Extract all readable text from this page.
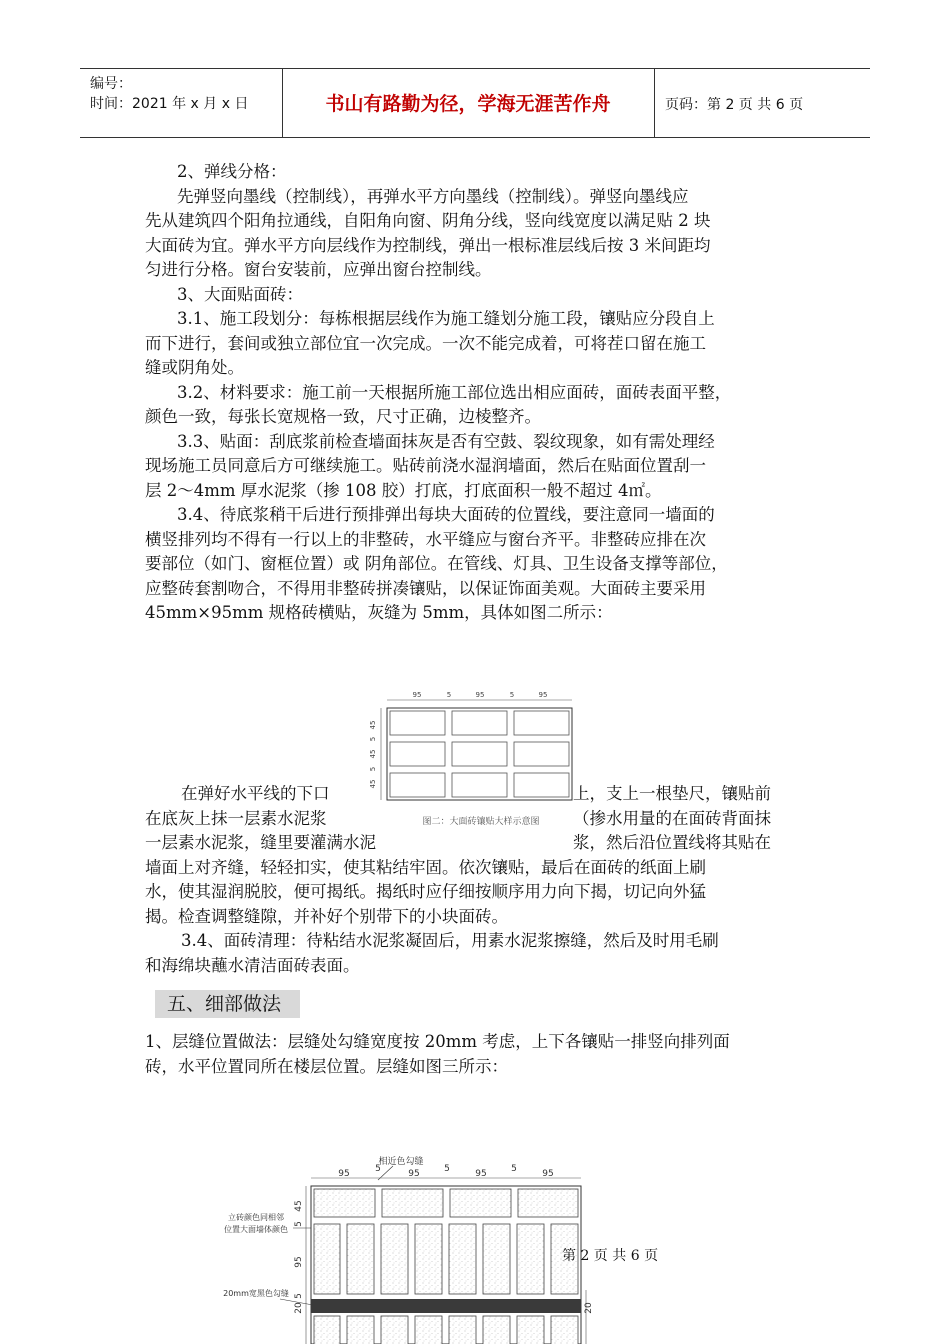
编号：
时间：2021 年 x 月 x 日	书山有路勤为径，学海无涯苦作舟	页码：第 2 页 共 6 页
2、弹线分格：
先弹竖向墨线（控制线），再弹水平方向墨线（控制线）。弹竖向墨线应
先从建筑四个阳角拉通线，自阳角向窗、阴角分线，竖向线宽度以满足贴 2 块
大面砖为宜。弹水平方向层线作为控制线，弹出一根标准层线后按 3 米间距均
匀进行分格。窗台安装前，应弹出窗台控制线。
3、大面贴面砖：
3.1、施工段划分：每栋根据层线作为施工缝划分施工段，镶贴应分段自上
而下进行，套间或独立部位宜一次完成。一次不能完成着，可将茬口留在施工
缝或阴角处。
3.2、材料要求：施工前一天根据所施工部位选出相应面砖，面砖表面平整，
颜色一致，每张长宽规格一致，尺寸正确，边棱整齐。
3.3、贴面：刮底浆前检查墙面抹灰是否有空鼓、裂纹现象，如有需处理经
现场施工员同意后方可继续施工。贴砖前浇水湿润墙面，然后在贴面位置刮一
层 2～4mm 厚水泥浆（掺 108 胶）打底，打底面积一般不超过 4㎡。
3.4、待底浆稍干后进行预排弹出每块大面砖的位置线，要注意同一墙面的
横竖排列均不得有一行以上的非整砖，水平缝应与窗台齐平。非整砖应排在次
要部位（如门、窗框位置）或 阴角部位。在管线、灯具、卫生设备支撑等部位，
应整砖套割吻合，不得用非整砖拼凑镶贴，以保证饰面美观。大面砖主要采用
45mm×95mm 规格砖横贴，灰缝为 5mm，具体如图二所示：
95	5	95	5	95
45
5
45
5
45
图二：大面砖镶贴大样示意图
在弹好水平线的下口	上，支上一根垫尺，镶贴前
在底灰上抹一层素水泥浆	（掺水用量的在面砖背面抹
一层素水泥浆，缝里要灌满水泥	浆，然后沿位置线将其贴在
墙面上对齐缝，轻轻扣实，使其粘结牢固。依次镶贴，最后在面砖的纸面上刷
水，使其湿润脱胶，便可揭纸。揭纸时应仔细按顺序用力向下揭，切记向外猛
揭。检查调整缝隙，并补好个别带下的小块面砖。
3.4、面砖清理：待粘结水泥浆凝固后，用素水泥浆擦缝，然后及时用毛刷
和海绵块蘸水清洁面砖表面。
五、细部做法
1、层缝位置做法：层缝处勾缝宽度按 20mm 考虑，上下各镶贴一排竖向排列面
砖，水平位置同所在楼层位置。层缝如图三所示：
相近色勾缝
95	5	95	5	95	5	95
45
5
95
5
20	20
立砖颜色同相邻
位置大面墙体颜色
20mm宽黑色勾缝
第 2 页 共 6 页
